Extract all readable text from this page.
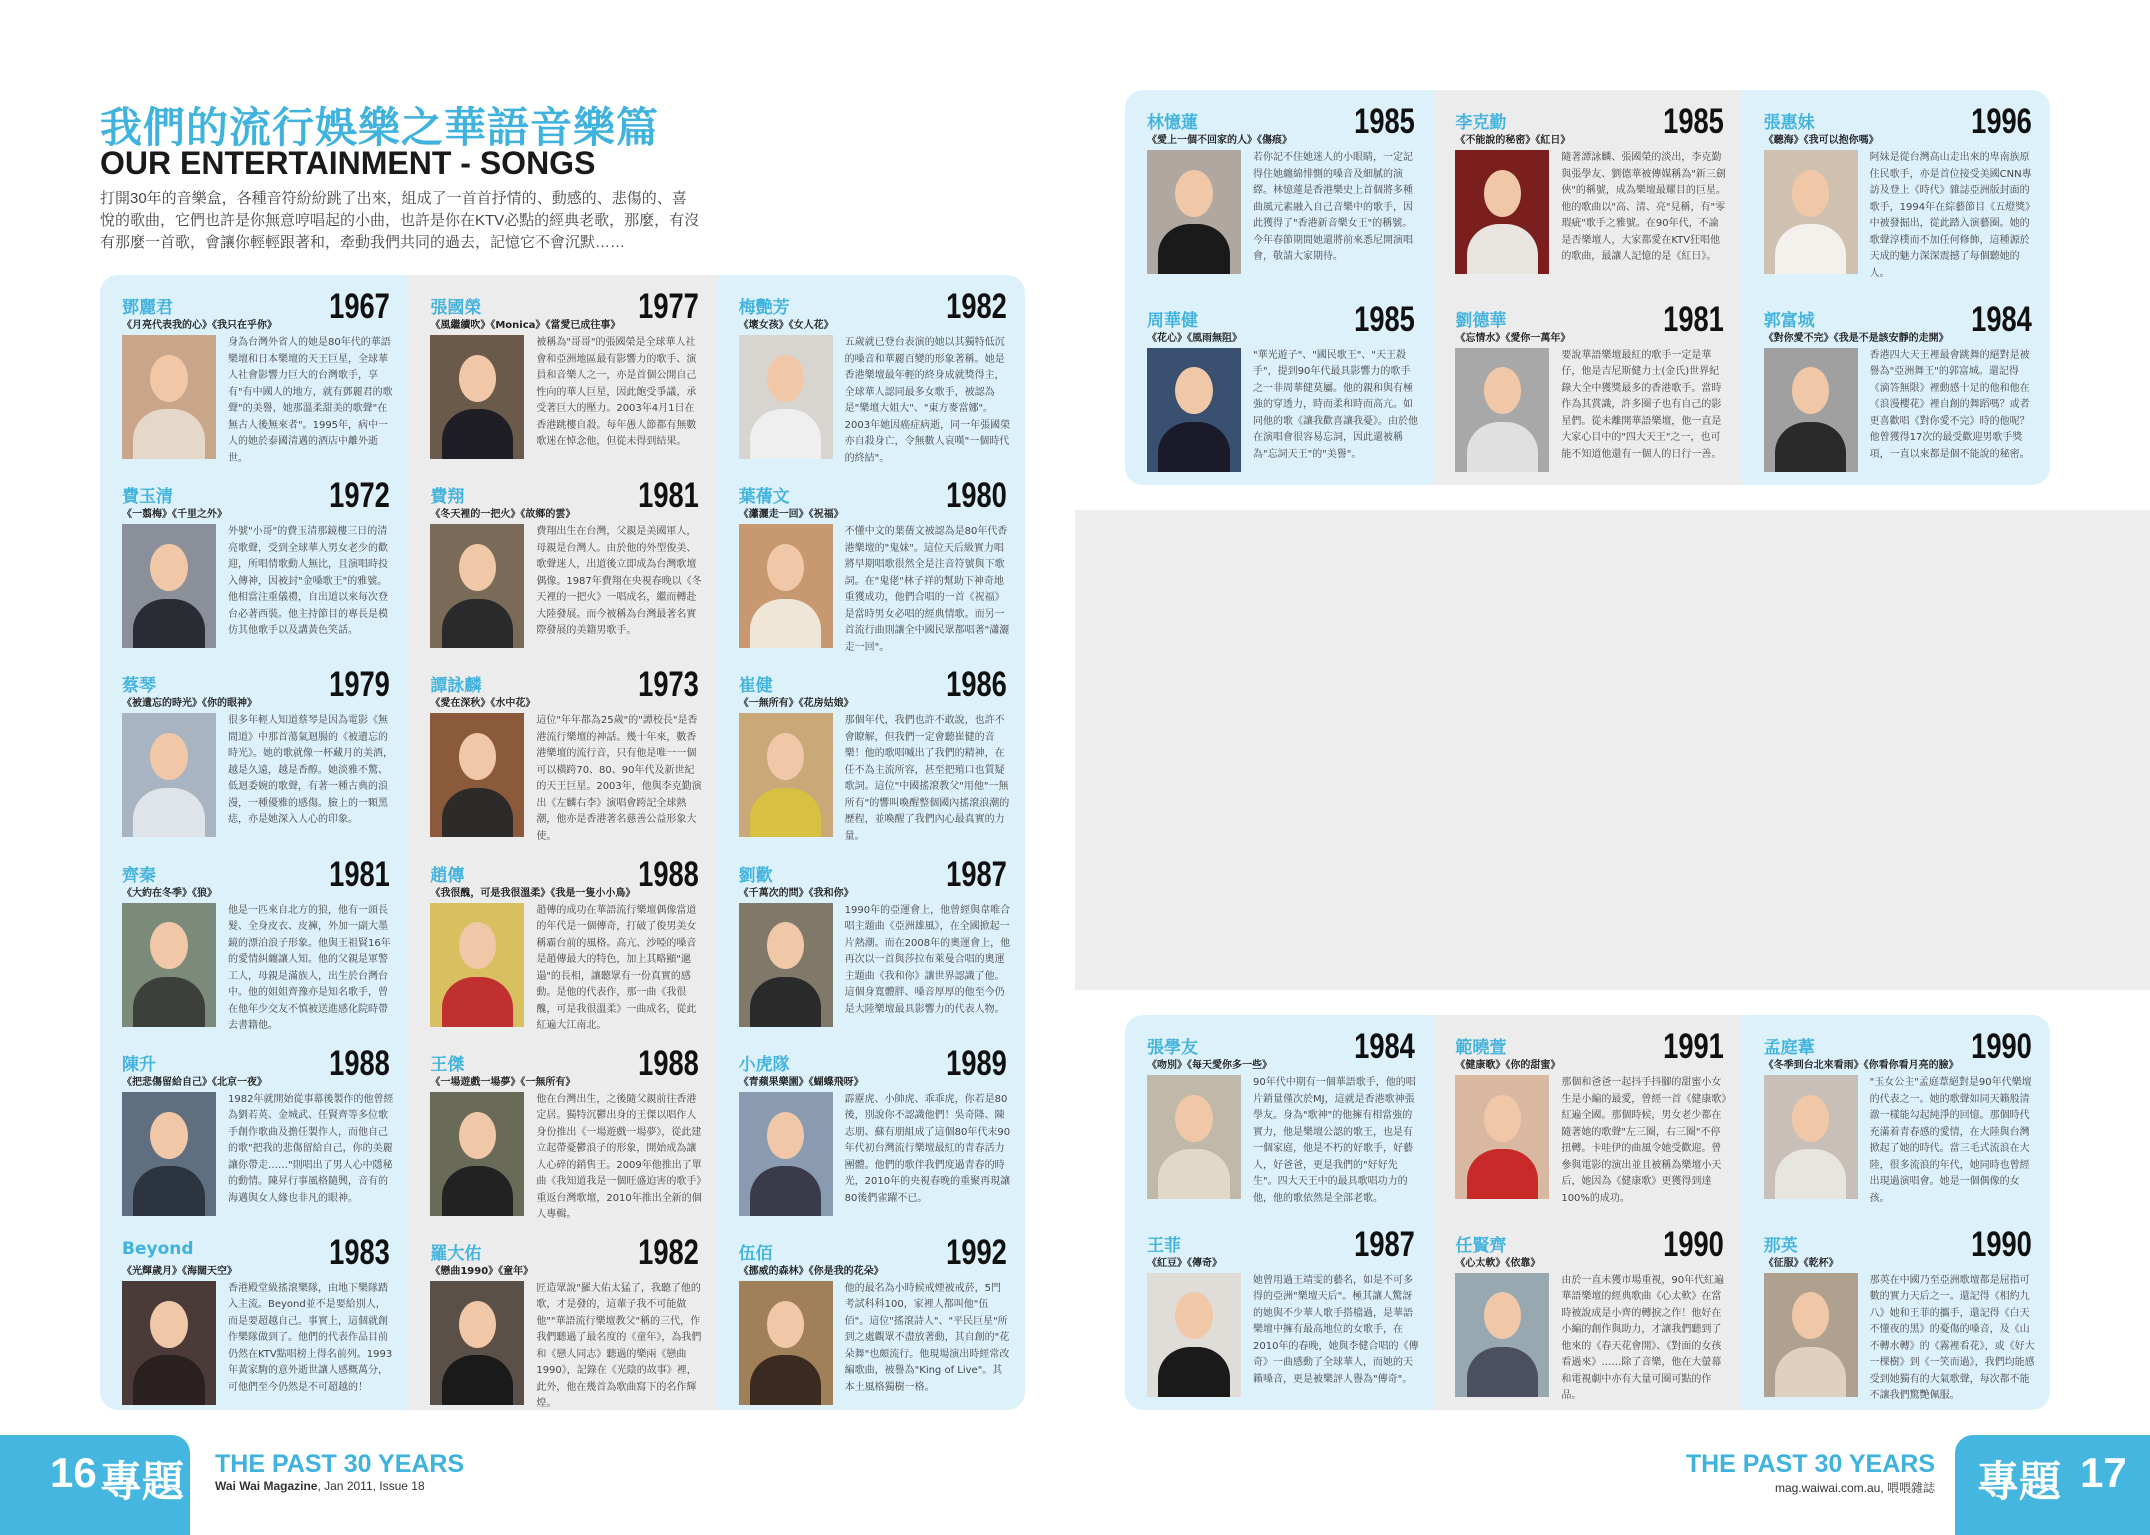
我們的流行娛樂之華語音樂篇
OUR ENTERTAINMENT - SONGS
打開30年的音樂盒，各種音符紛紛跳了出來，組成了一首首抒情的、動感的、悲傷的、喜悅的歌曲，它們也許是你無意哼唱起的小曲，也許是你在KTV必點的經典老歌，那麼，有沒有那麼一首歌，會讓你輕輕跟著和，牽動我們共同的過去，記憶它不會沉默……
鄧麗君
《月亮代表我的心》《我只在乎你》 1967
身為台灣外省人的她是80年代的華語樂壇和日本樂壇的天王巨星，全球華人社會影響力巨大的台灣歌手，享有"有中國人的地方，就有鄧麗君的歌聲"的美譽，她那溫柔甜美的歌聲"在無古人後無來者"。1995年，病中一人的她於泰國清邁的酒店中離外逝世。
費玉清
《一翦梅》《千里之外》	1972
外號"小哥"的費玉清那鏡樓三日的清亮歌聲，受到全球華人男女老少的歡迎，所唱情歌動人無比，且演唱時投入傳神，因被封"金嗓歌王"的雅號。他相當注重儀禮，自出道以來每次登台必著西裝。他主持節目的專長是模仿其他歌手以及講黃色笑話。
蔡琴
《被遺忘的時光》《你的眼神》 1979
很多年輕人知道蔡琴是因為電影《無間道》中那首蕩氣迴腸的《被遺忘的時光》。她的歌就像一杯藏月的美酒，越是久遠，越是香醇。她淡雅不驚、低迴委婉的歌聲，有著一種古典的浪漫，一種優雅的感傷。臉上的一顆黑痣，亦是她深入人心的印象。
齊秦
《大約在冬季》《狼》	1981
他是一匹來自北方的狼，他有一頭長髮、全身皮衣、皮褲，外加一副大墨鏡的漂泊浪子形象。他與王祖賢16年的愛情糾纏讓人知。他的父親是軍警工人，母親是滿族人，出生於台灣台中。他的姐姐齊豫亦是知名歌手，曾在他年少交友不慎被送進感化院時帶去書籍他。
陳升
《把悲傷留給自己》《北京一夜》 1988
1982年就開始從事幕後製作的他曾經為劉若英、金城武、任賢齊等多位歌手創作歌曲及擔任製作人，而他自己的歌"把我的悲傷留給自己，你的美麗讓你帶走……"則唱出了男人心中隱秘的動情。陳昇行事風格隨興，音有的海邁與女人緣也非凡的眼神。
Beyond
《光輝歲月》《海闊天空》	1983
香港殿堂級搖滾樂隊，由地下樂隊踏入主流。Beyond並不是要給別人，而是要超越自己。事實上，這個就創作樂隊做到了。他們的代表作品目前仍然在KTV點唱榜上得名前列。1993年黃家駒的意外逝世讓人感概萬分，可他們至今仍然是不可超越的！
張國榮
《風繼續吹》《Monica》《當愛已成往事》 1977
被稱為"哥哥"的張國榮是全球華人社會和亞洲地區最有影響力的歌手、演員和音樂人之一，亦是首個公開自己性向的華人巨星，因此飽受爭議，承受著巨大的壓力。2003年4月1日在香港跳樓自殺。每年愚人節都有無數歌迷在悼念他，但從未得到結果。
費翔
《冬天裡的一把火》《故鄉的雲》 1981
費翔出生在台灣，父親是美國軍人，母親是台灣人。由於他的外型俊美、歌聲迷人，出道後立即成為台灣歌壇偶像。1987年費翔在央視春晚以《冬天裡的一把火》一唱成名，繼而轉赴大陸發展。而今被稱為台灣最著名實際發展的美籍男歌手。
譚詠麟
《愛在深秋》《水中花》	1973
這位"年年都為25歲"的"譚校長"是香港流行樂壇的神話。幾十年來，數香港樂壇的流行音，只有他是唯一一個可以橫跨70、80、90年代及新世紀的天王巨星。2003年，他與李克勤演出《左麟右李》演唱會跨記全球熱潮，他亦是香港著名慈善公益形象大使。
趙傳
《我很醜，可是我很溫柔》《我是一隻小小鳥》 1988
趙傳的成功在華語流行樂壇偶像當道的年代是一個傳奇，打破了俊男美女稱霸台前的風格。高亢、沙啞的嗓音是趙傳最大的特色，加上其略顯"邋遢"的長相，讓聽眾有一份真實的感動。是他的代表作，那一曲《我很醜，可是我很溫柔》一曲成名，從此紅遍大江南北。
王傑
《一場遊戲一場夢》《一無所有》 1988
他在台灣出生，之後隨父親前往香港定居。獨特沉鬱出身的王傑以唱作人身份推出《一場遊戲一場夢》，從此建立起帶憂鬱浪子的形象，開始成為讓人心碎的銷售王。2009年他推出了單曲《我知道我是一個旺盛迫害的歌手》重返台灣歌壇，2010年推出全新的個人專輯。
羅大佑
《戀曲1990》《童年》	1982
匠造眾說"羅大佑太猛了，我聽了他的歌，才是發的，這輩子我不可能做他""華語流行樂壇教父"稱的三代，作我們聽過了最名度的《童年》，為我們和《戀人同志》聽過的樂兩《戀曲1990》，記錄在《光陰的故事》裡，此外，他在幾首為歌曲寫下的名作輝煌。
梅艷芳
《壞女孩》《女人花》	1982
五歲就已登台表演的她以其獨特低沉的嗓音和華麗百變的形象著稱。她是香港樂壇最年輕的終身成就獎得主，全球華人認同最多女歌手，被認為是"樂壇大姐大"、"東方麥當娜"。2003年她因癌症病逝，同一年張國榮亦自殺身亡，令無數人哀嘆"一個時代的終結"。
葉蒨文
《瀟灑走一回》《祝福》	1980
不懂中文的葉蒨文被認為是80年代香港樂壇的"鬼妹"。這位天后級實力唱將早期唱歌很然全是注音符號與下歌詞。在"鬼佬"林子祥的幫助下神奇地重獲成功，他們合唱的一首《祝福》是當時男女必唱的經典情歌。而另一首流行曲則讓全中國民眾都唱著"瀟灑走一回"。
崔健
《一無所有》《花房姑娘》	1986
那個年代，我們也許不敢說，也許不會瞭解，但我們一定會聽崔健的音樂！他的歌唱喊出了我們的精神，在任不為主流所容，甚至把殖口也質疑歌詞。這位"中國搖滾教父"用他"一無所有"的響叫喚醒整個國內搖滾浪潮的歷程，並喚醒了我們內心最真實的力量。
劉歡
《千萬次的問》《我和你》	1987
1990年的亞運會上，他曾經與韋唯合唱主題曲《亞洲雄風》，在全國掀起一片熱潮。而在2008年的奧運會上，他再次以一首與莎拉布萊曼合唱的奧運主題曲《我和你》讓世界認識了他。這個身寬體胖、嗓音厚厚的他至今仍是大陸樂壇最具影響力的代表人物。
小虎隊
《青蘋果樂園》《蝴蝶飛呀》 1989
霹靂虎、小帥虎、乖乖虎，你若是80後，別說你不認識他們！吳奇隆、陳志朋、蘇有朋組成了這個80年代末90年代初台灣流行樂壇最紅的青春活力團體。他們的歌伴我們度過青春的時光，2010年的央視春晚的重聚再現讓80後們雀躍不已。
伍佰
《挪威的森林》《你是我的花朵》 1992
他的最名為小時候戒煙被戒菸，5門考試科科100，家裡人都叫他"伍佰"。這位"搖滾詩人"、"平民巨星"所到之處觀眾不盡放著動，其自創的"花朵舞"也頗流行。他現場演出時經常改編歌曲，被譽為"King of Live"。其本土風格獨樹一格。
林憶蓮
《愛上一個不回家的人》《傷痕》 1985
若你記不住她迷人的小眼睛，一定記得住她纏綿悱惻的嗓音及細膩的演繹。林憶蓮是香港樂史上首個將多種曲風元素融入自己音樂中的歌手，因此獲得了"香港新音樂女王"的稱號。今年春節期間她還將前來悉尼開演唱會，敬請大家期待。
周華健
《花心》《風雨無阻》	1985
"華光遊子"、"國民歌王"、"天王殺手"，提到90年代最具影響力的歌手之一非周華健莫屬。他的親和與有極強的穿透力，時而柔和時而高亢。如同他的歌《讓我歡喜讓我憂》。由於他在演唱會很容易忘詞，因此還被稱為"忘詞天王"的"美譽"。
李克勤
《不能說的秘密》《紅日》	1985
隨著譚詠麟、張國榮的淡出，李克勤與張學友、劉德華被傳媒稱為"新三劍俠"的稱號，成為樂壇最耀目的巨星。他的歌曲以"高、清、亮"見稱，有"零瑕疵"歌手之雅號。在90年代，不論是否樂壇人，大家都愛在KTV狂唱他的歌曲，最讓人記憶的是《紅日》。
劉德華
《忘情水》《愛你一萬年》	1981
要說華語樂壇最紅的歌手一定是華仔，他是吉尼斯健力士(金氏)世界紀錄大全中獲獎最多的香港歌手。當時作為其賞識，許多圈子也有自己的影星們。從未離開華語樂壇，他一直是大家心目中的"四大天王"之一，也可能不知道他還有一個人的日行一善。
張惠妹
《聽海》《我可以抱你嗎》	1996
阿妹是從台灣高山走出來的卑南族原住民歌手，亦是首位接受美國CNN專訪及登上《時代》雜誌亞洲版封面的歌手，1994年在綜藝節目《五燈獎》中被發掘出，從此踏入演藝圈。她的歌聲淳樸而不加任何修飾，這種源於天成的魅力深深震撼了每個聽她的人。
郭富城
《對你愛不完》《我是不是該安靜的走開》 1984
香港四大天王裡最會跳舞的絕對是被譽為"亞洲舞王"的郭富城。還記得《滴答無限》裡動感十足的他和他在《浪漫櫻花》裡自創的舞蹈嗎？或者更喜歡唱《對你愛不完》時的他呢？他曾獲得17次的最受歡迎男歌手獎項，一直以來都是個不能說的秘密。
張學友
《吻別》《每天愛你多一些》 1984
90年代中期有一個華語歌手，他的唱片銷量僅次於MJ，這就是香港歌神張學友。身為"歌神"的他擁有相當強的實力，他是樂壇公認的歌王，也是有一個家庭，他是不朽的好歌手，好藝人，好爸爸，更是我們的"好好先生"。四大天王中的最具歌唱功力的他，他的歌依然是全部老歌。
王菲
《紅豆》《傳奇》	1987
她曾用過王靖雯的藝名，如是不可多得的亞洲"樂壇天后"。極其讓人驚訝的她與不少華人歌手搭檔過，是華語樂壇中擁有最高地位的女歌手，在2010年的春晚，她與李健合唱的《傳奇》一曲感動了全球華人，而她的天籟嗓音，更是被樂評人譽為"傳奇"。
範曉萱
《健康歌》《你的甜蜜》	1991
那個和爸爸一起抖手抖腳的甜蜜小女生是小編的最愛，曾經一首《健康歌》紅遍全國。那個時候，男女老少都在隨著她的歌聲"左三圈，右三圈"不停扭轉。卡哇伊的曲風令她受歡迎。曾參與電影的演出並且被稱為樂壇小天后，她因為《健康歌》更獲得到達100%的成功。
任賢齊
《心太軟》《依靠》	1990
由於一直未獲市場重視，90年代紅遍華語樂壇的經典歌曲《心太軟》在當時被說成是小齊的轉捩之作！他好在小編的創作與助力，才讓我們聽到了他來的《春天花會開》、《對面的女孩看過來》……除了音樂，他在大螢幕和電視劇中亦有大量可圈可點的作品。
孟庭葦
《冬季到台北來看雨》《你看你看月亮的臉》 1990
"玉女公主"孟庭葦絕對是90年代樂壇的代表之一。她的歌聲如同天籟般清澈一樣能勾起純淨的回憶。那個時代充滿着青春感的愛情，在大陸與台灣掀起了她的時代。當三毛式流浪在大陸，很多流浪的年代，她同時也曾經出現過演唱會。她是一個偶像的女孩。
那英
《征服》《乾杯》	1990
那英在中國乃至亞洲歌壇都是屈指可數的實力天后之一。還記得《相約九八》她和王菲的攜手，還記得《白天不懂夜的黑》的憂傷的嗓音，及《山不轉水轉》的《霧裡看花》，或《好大一棵樹》到《一笑而過》，我們均能感受到她獨有的大氣歌聲，每次都不能不讓我們驚艷佩服。
16 專題 THE PAST 30 YEARS
Wai Wai Magazine, Jan 2011, Issue 18	專題 17
THE PAST 30 YEARS
mag.waiwai.com.au, 喂喂雜誌
